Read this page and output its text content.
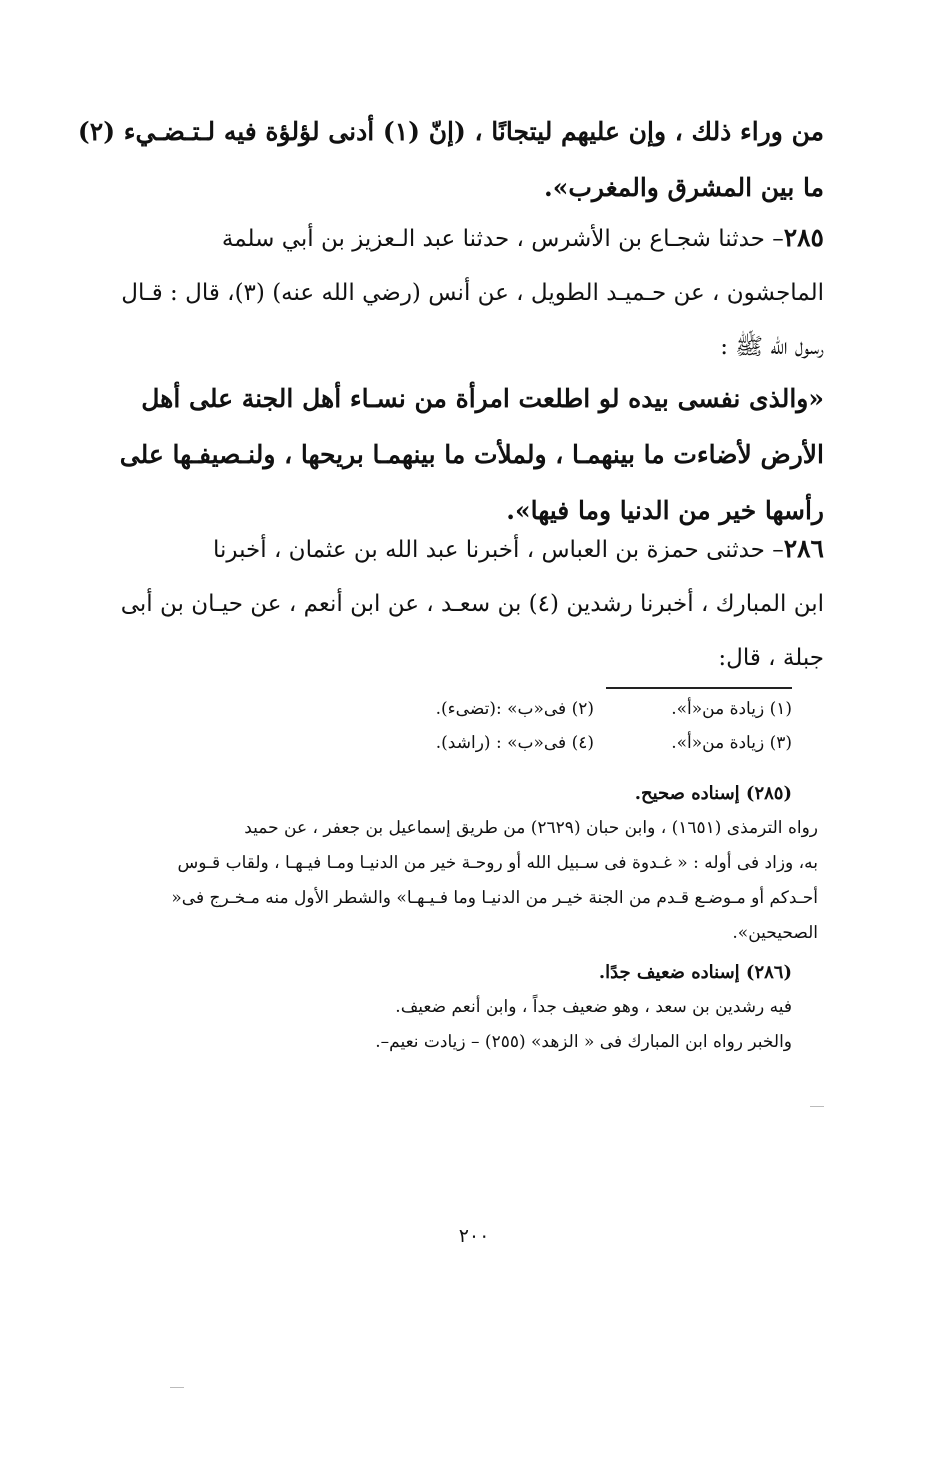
من وراء ذلك ، وإن عليهم ليتجانًا ، (إنّ (١) أدنى لؤلؤة فيه لـتـضـيء (٢)
ما بين المشرق والمغرب».
٢٨٥– حدثنا شجـاع بن الأشرس ، حدثنا عبد الـعزيز بن أبي سلمة
الماجشون ، عن حـميـد الطويل ، عن أنس (رضي الله عنه) (٣)، قال : قـال
رسول الله ﷺ :
«والذى نفسى بيده لو اطلعت امرأة من نسـاء أهل الجنة على أهل
الأرض لأضاءت ما بينهمـا ، ولملأت ما بينهمـا بريحها ، ولنـصيفـها على
رأسها خير من الدنيا وما فيها».
٢٨٦– حدثنى حمزة بن العباس ، أخبرنا عبد الله بن عثمان ، أخبرنا
ابن المبارك ، أخبرنا رشدين (٤) بن سعـد ، عن ابن أنعم ، عن حيـان بن أبى
جبلة ، قال:
(١) زيادة من«أ».
(٢) فى«ب» :(تضىء).
(٣) زيادة من«أ».
(٤) فى«ب» : (راشد).
(٢٨٥) إسناده صحيح.
رواه الترمذى (١٦٥١) ، وابن حبان (٢٦٢٩) من طريق إسماعيل بن جعفر ، عن حميد
به، وزاد فى أوله : « غـدوة فى سـبيل الله أو روحـة خير من الدنيـا ومـا فيـهـا ، ولقاب قـوس
أحـدكم أو مـوضـع قـدم من الجنة خيـر من الدنيـا وما فـيـهـا» والشطر الأول منه مـخـرج فى«
الصحيحين».
(٢٨٦) إسناده ضعيف جدًا.
فيه رشدين بن سعد ، وهو ضعيف جداً ، وابن أنعم ضعيف.
والخبر رواه ابن المبارك فى « الزهد» (٢٥٥) – زيادت نعيم–.
٢٠٠
